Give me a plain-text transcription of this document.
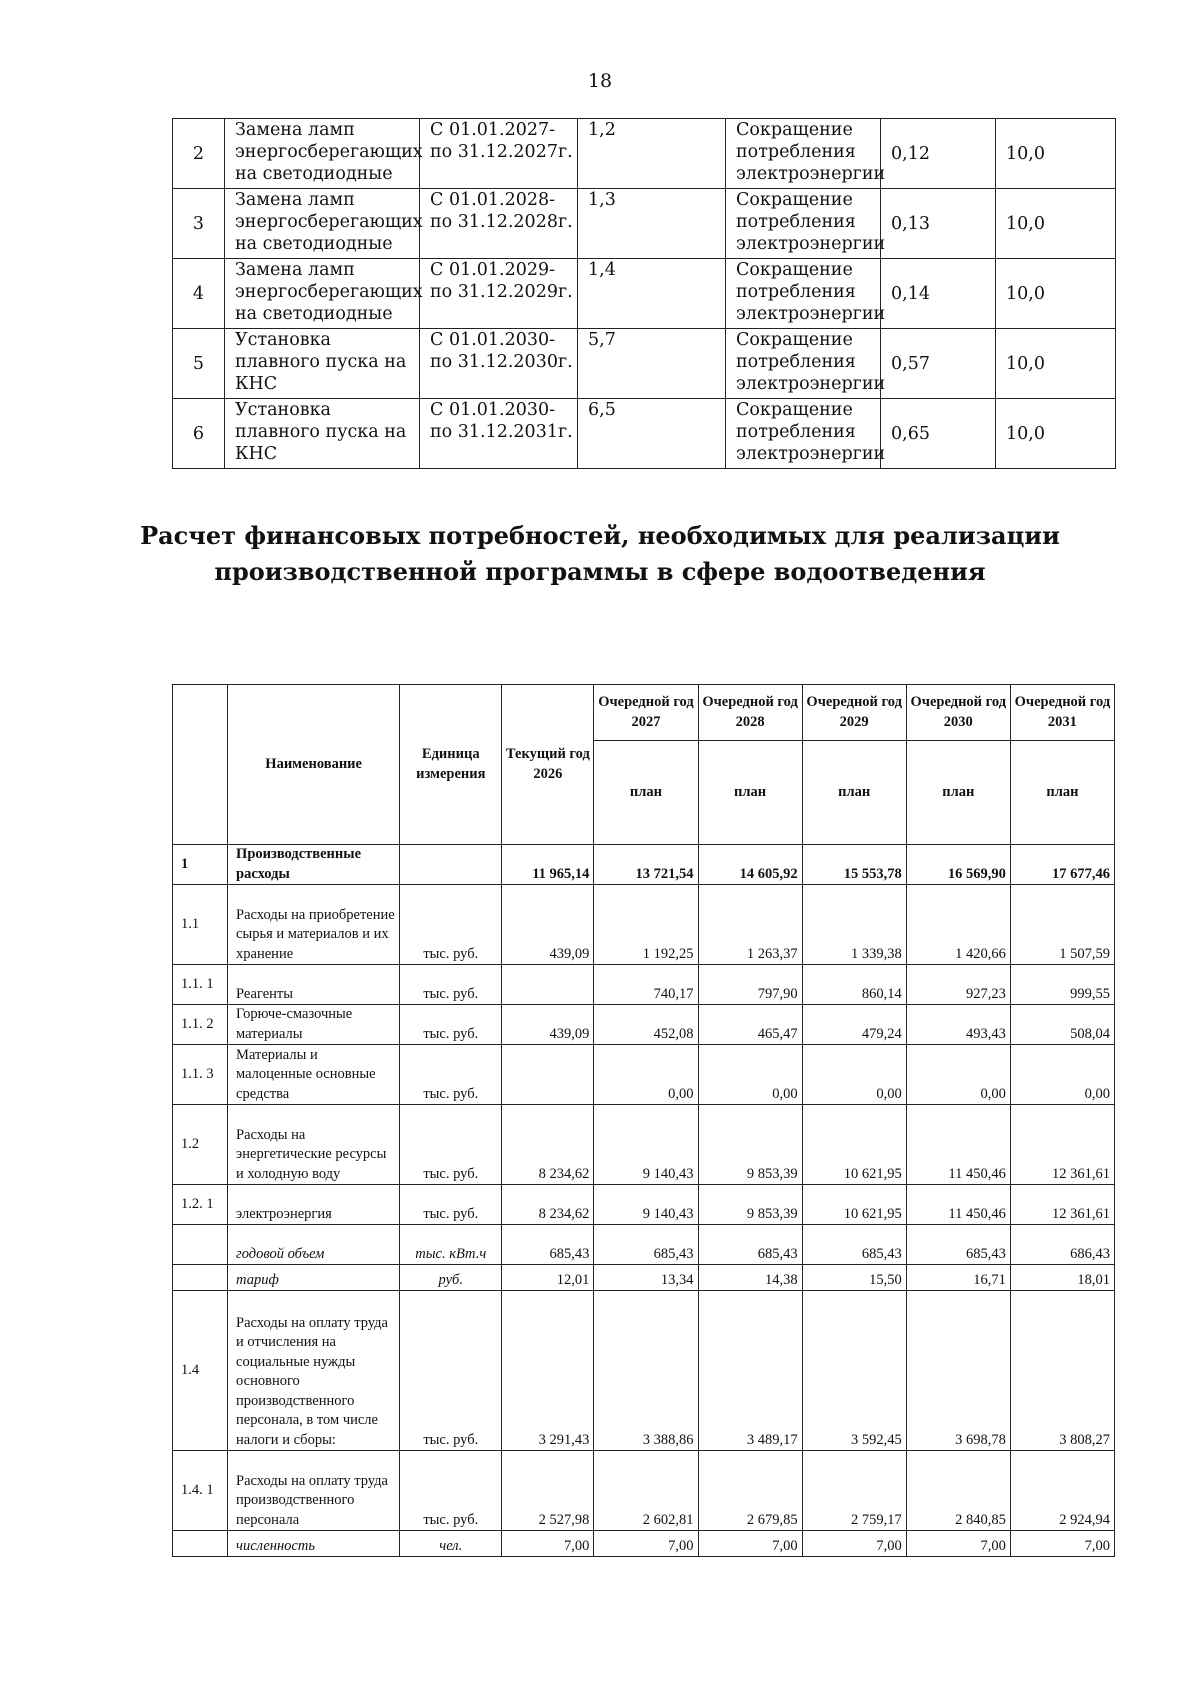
18
2	Замена ламп энергосберегающих на светодиодные	С 01.01.2027- по 31.12.2027г.	1,2	Сокращение потребления электроэнергии	0,12	10,0
3	Замена ламп энергосберегающих на светодиодные	С 01.01.2028- по 31.12.2028г.	1,3	Сокращение потребления электроэнергии	0,13	10,0
4	Замена ламп энергосберегающих на светодиодные	С 01.01.2029- по 31.12.2029г.	1,4	Сокращение потребления электроэнергии	0,14	10,0
5	Установка плавного пуска на КНС	С 01.01.2030- по 31.12.2030г.	5,7	Сокращение потребления электроэнергии	0,57	10,0
6	Установка плавного пуска на КНС	С 01.01.2030- по 31.12.2031г.	6,5	Сокращение потребления электроэнергии	0,65	10,0
Расчет финансовых потребностей, необходимых для реализации производственной программы в сфере водоотведения
	Наименование	Единица измерения	Текущий год 2026	Очередной год 2027	Очередной год 2028	Очередной год 2029	Очередной год 2030	Очередной год 2031
				план	план	план	план	план
1	Производственные расходы		11 965,14	13 721,54	14 605,92	15 553,78	16 569,90	17 677,46
1.1	Расходы на приобретение сырья и материалов и их хранение	тыс. руб.	439,09	1 192,25	1 263,37	1 339,38	1 420,66	1 507,59
1.1. 1	Реагенты	тыс. руб.		740,17	797,90	860,14	927,23	999,55
1.1. 2	Горюче-смазочные материалы	тыс. руб.	439,09	452,08	465,47	479,24	493,43	508,04
1.1. 3	Материалы и малоценные основные средства	тыс. руб.		0,00	0,00	0,00	0,00	0,00
1.2	Расходы на энергетические ресурсы и холодную воду	тыс. руб.	8 234,62	9 140,43	9 853,39	10 621,95	11 450,46	12 361,61
1.2. 1	электроэнергия	тыс. руб.	8 234,62	9 140,43	9 853,39	10 621,95	11 450,46	12 361,61
	годовой объем	тыс. кВт.ч	685,43	685,43	685,43	685,43	685,43	686,43
	тариф	руб.	12,01	13,34	14,38	15,50	16,71	18,01
1.4	Расходы на оплату труда и отчисления на социальные нужды основного производственного персонала, в том числе налоги и сборы:	тыс. руб.	3 291,43	3 388,86	3 489,17	3 592,45	3 698,78	3 808,27
1.4. 1	Расходы на оплату труда производственного персонала	тыс. руб.	2 527,98	2 602,81	2 679,85	2 759,17	2 840,85	2 924,94
	численность	чел.	7,00	7,00	7,00	7,00	7,00	7,00
